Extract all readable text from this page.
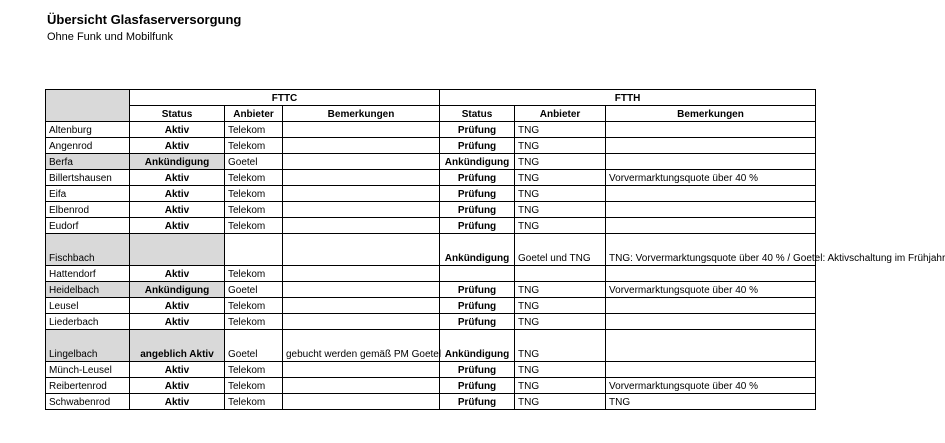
Übersicht Glasfaserversorgung
Ohne Funk und Mobilfunk
	FTTC			FTTH		
	Status	Anbieter	Bemerkungen	Status	Anbieter	Bemerkungen
Altenburg	Aktiv	Telekom		Prüfung	TNG	
Angenrod	Aktiv	Telekom		Prüfung	TNG	
Berfa	Ankündigung	Goetel		Ankündigung	TNG	
Billertshausen	Aktiv	Telekom		Prüfung	TNG	Vorvermarktungsquote über 40 %
Eifa	Aktiv	Telekom		Prüfung	TNG	
Elbenrod	Aktiv	Telekom		Prüfung	TNG	
Eudorf	Aktiv	Telekom		Prüfung	TNG	
Fischbach				Ankündigung	Goetel und TNG	TNG: Vorvermarktungsquote über 40 % / Goetel: Aktivschaltung im Frühjahr
Hattendorf	Aktiv	Telekom				
Heidelbach	Ankündigung	Goetel		Prüfung	TNG	Vorvermarktungsquote über 40 %
Leusel	Aktiv	Telekom		Prüfung	TNG	
Liederbach	Aktiv	Telekom		Prüfung	TNG	
Lingelbach	angeblich Aktiv	Goetel	gebucht werden gemäß PM Goetel	Ankündigung	TNG	
Münch-Leusel	Aktiv	Telekom		Prüfung	TNG	
Reibertenrod	Aktiv	Telekom		Prüfung	TNG	Vorvermarktungsquote über 40 %
Schwabenrod	Aktiv	Telekom		Prüfung	TNG	TNG
